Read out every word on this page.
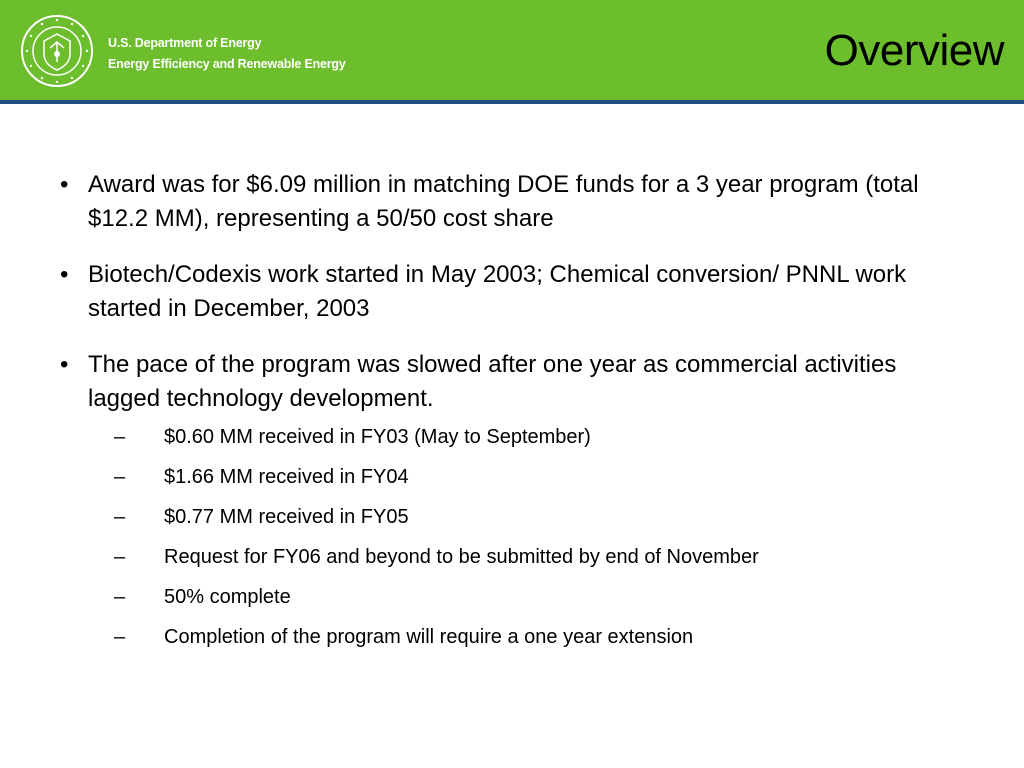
U.S. Department of Energy
Energy Efficiency and Renewable Energy	Overview
• Award was for $6.09 million in matching DOE funds for a 3 year program (total $12.2 MM), representing a 50/50 cost share
• Biotech/Codexis work started in May 2003; Chemical conversion/ PNNL work started in December, 2003
• The pace of the program was slowed after one year as commercial activities lagged technology development.
– $0.60 MM received in FY03 (May to September)
– $1.66 MM received in FY04
– $0.77 MM received in FY05
– Request for FY06 and beyond to be submitted by end of November
– 50% complete
– Completion of the program will require a one year extension
